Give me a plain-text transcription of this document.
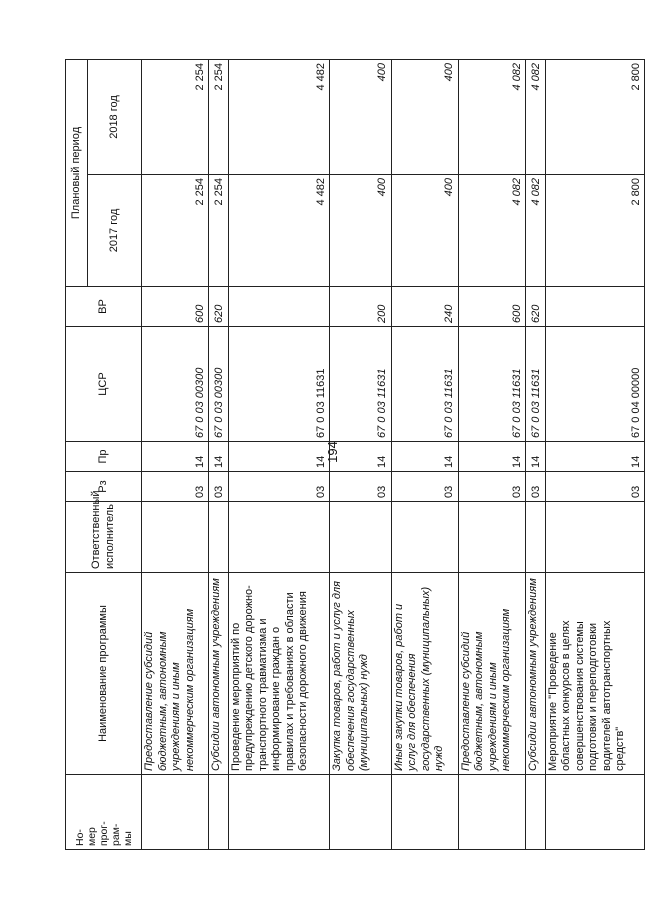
194
Но-
мер
прог-
рам-
мы	Наименование программы	Ответственный исполнитель	Рз	Пр	ЦСР	ВР	Плановый период	
							2017 год	2018 год
	Предоставление субсидий бюджетным, автономным учреждениям и иным некоммерческим организациям		03	14	67 0 03 00300	600	2 254	2 254
	Субсидии автономным учреждениям		03	14	67 0 03 00300	620	2 254	2 254
	Проведение мероприятий по предупреждению детского дорожно-транспортного травматизма и информирование граждан о правилах и требованиях в области безопасности дорожного движения		03	14	67 0 03 11631		4 482	4 482
	Закупка товаров, работ и услуг для обеспечения государственных (муниципальных) нужд		03	14	67 0 03 11631	200	400	400
	Иные закупки товаров, работ и услуг для обеспечения государственных (муниципальных) нужд		03	14	67 0 03 11631	240	400	400
	Предоставление субсидий бюджетным, автономным учреждениям и иным некоммерческим организациям		03	14	67 0 03 11631	600	4 082	4 082
	Субсидии автономным учреждениям		03	14	67 0 03 11631	620	4 082	4 082
	Мероприятие "Проведение областных конкурсов в целях совершенствования системы подготовки и переподготовки водителей автотранспортных средств"		03	14	67 0 04 00000		2 800	2 800
